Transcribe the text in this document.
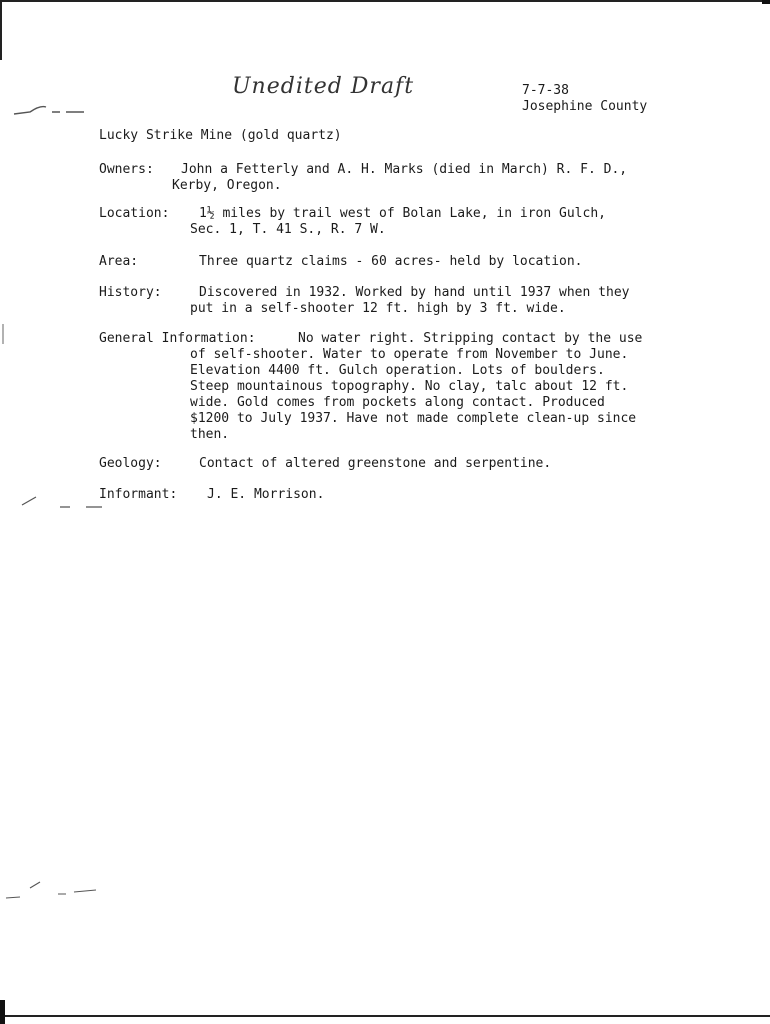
Unedited Draft	7-7-38
Josephine County
Lucky Strike Mine (gold quartz)
Owners: John a Fetterly and A. H. Marks (died in March) R. F. D.,
Kerby, Oregon.
Location: 1½ miles by trail west of Bolan Lake, in iron Gulch,
Sec. 1, T. 41 S., R. 7 W.
Area:	Three quartz claims - 60 acres- held by location.
History:	Discovered in 1932. Worked by hand until 1937 when they
put in a self-shooter 12 ft. high by 3 ft. wide.
General Information:	No water right. Stripping contact by the use
of self-shooter. Water to operate from November to June.
Elevation 4400 ft. Gulch operation. Lots of boulders.
Steep mountainous topography. No clay, talc about 12 ft.
wide. Gold comes from pockets along contact. Produced
$1200 to July 1937. Have not made complete clean-up since
then.
Geology:	Contact of altered greenstone and serpentine.
Informant: J. E. Morrison.
